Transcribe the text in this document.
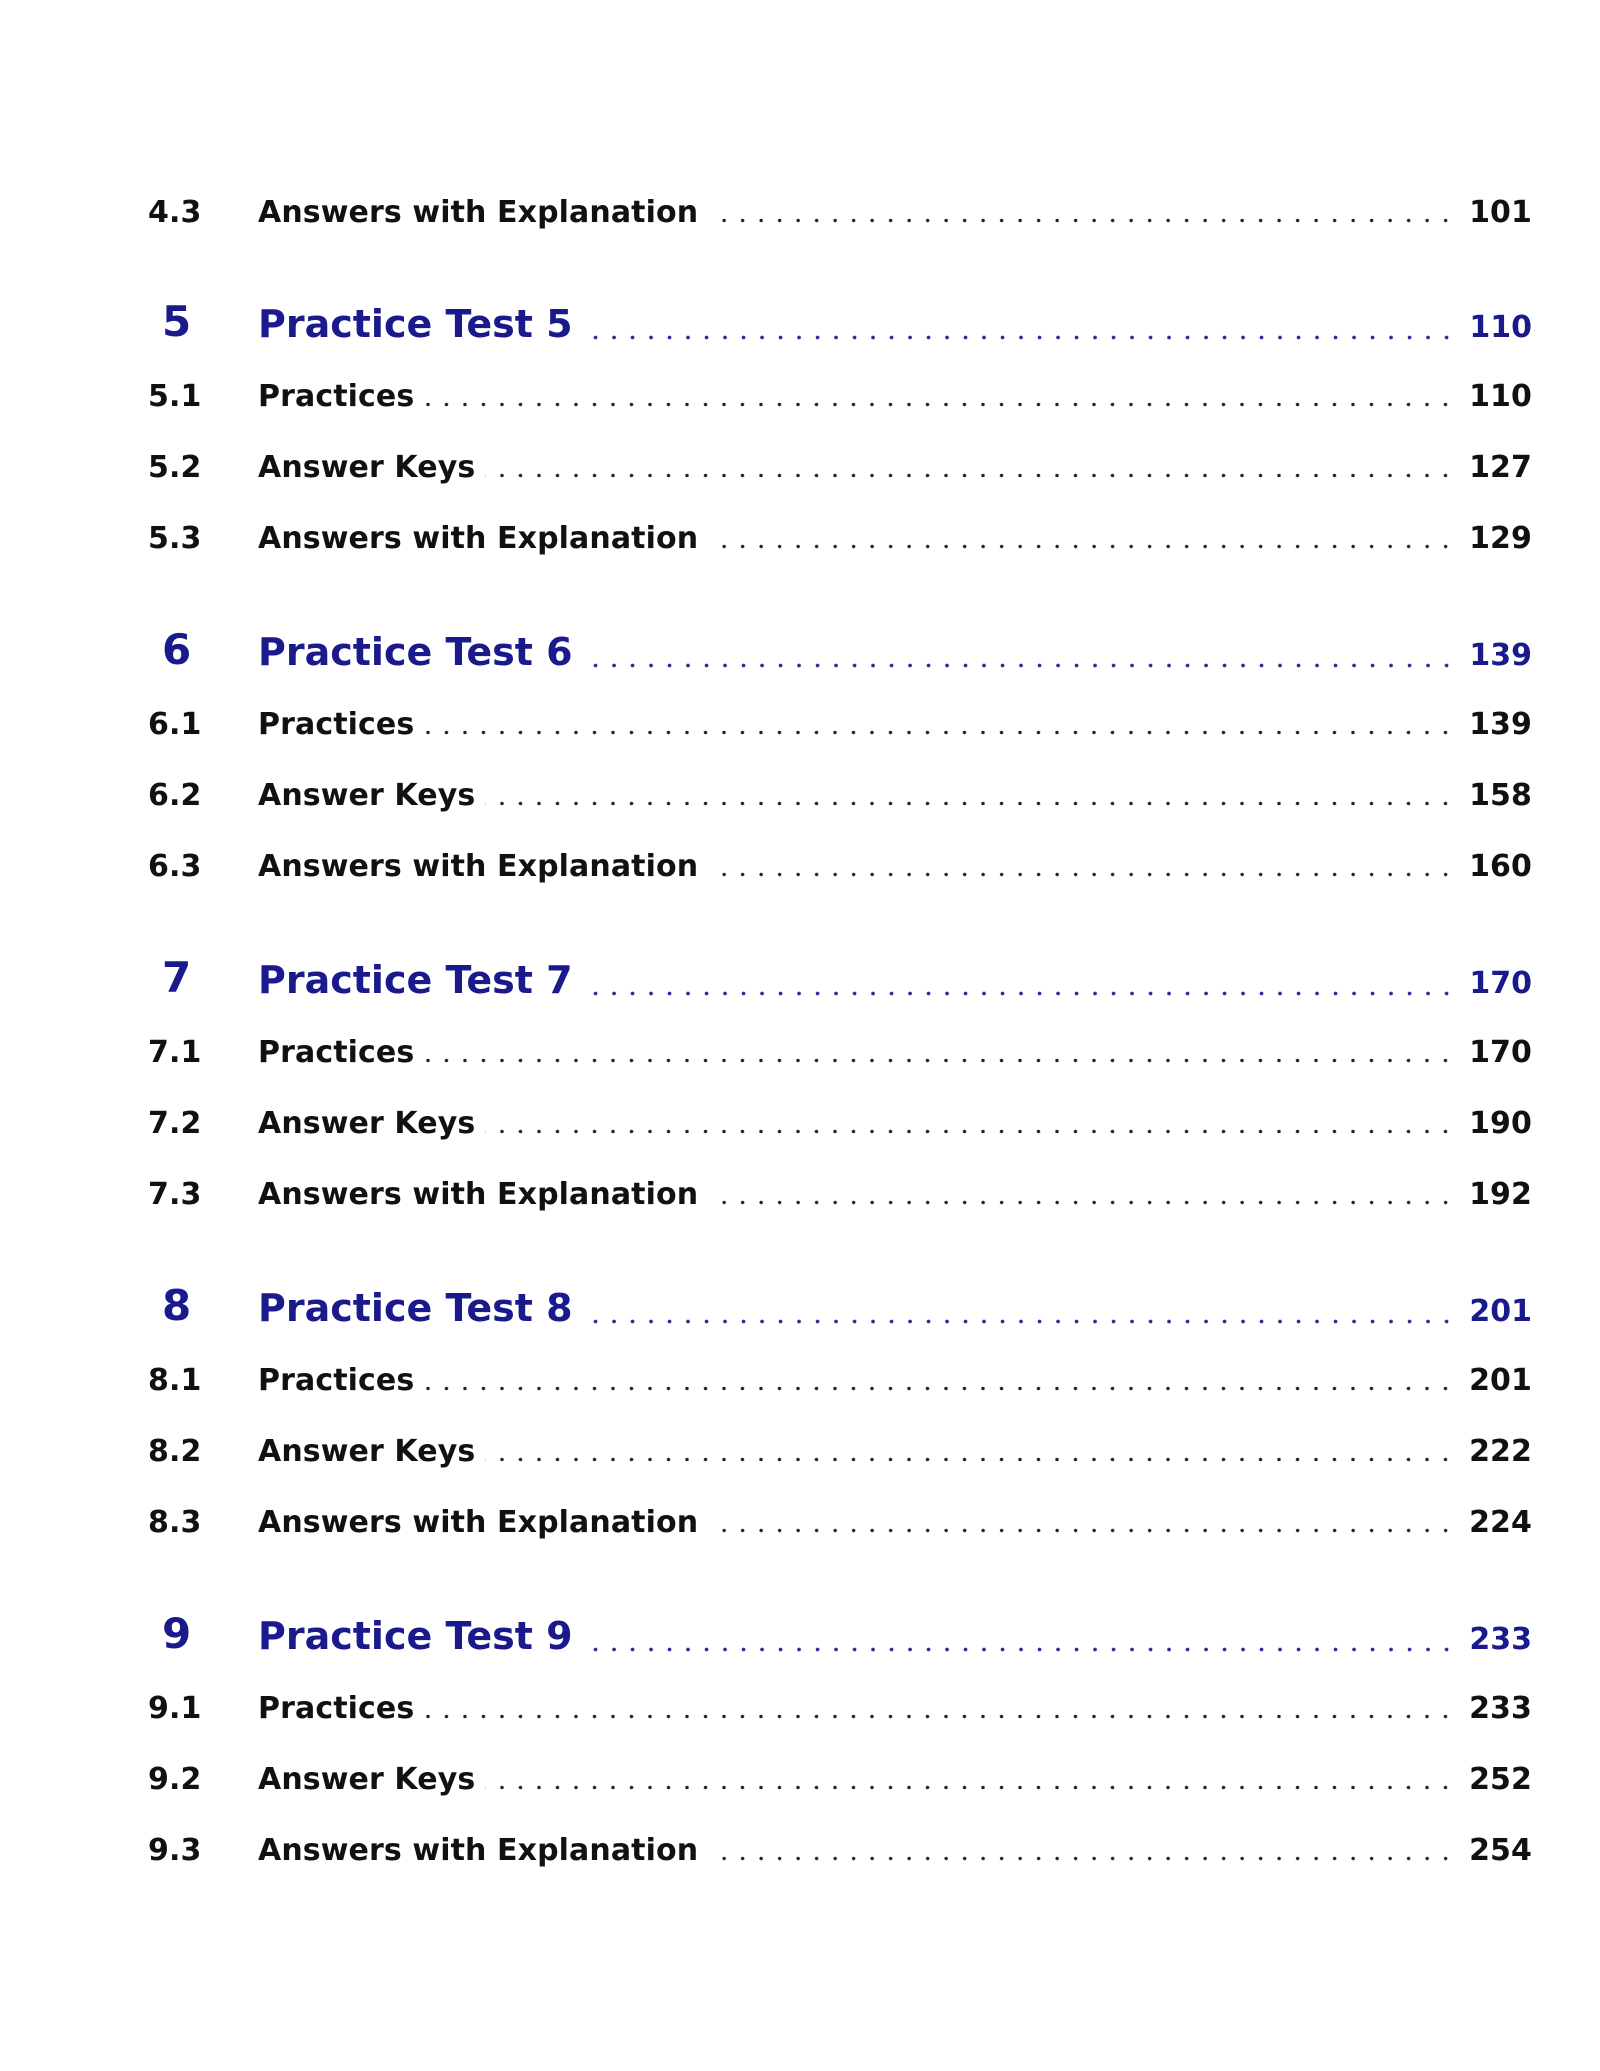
4.3	Answers with Explanation	101
5	Practice Test 5	110
5.1	Practices	110
5.2	Answer Keys	127
5.3	Answers with Explanation	129
6	Practice Test 6	139
6.1	Practices	139
6.2	Answer Keys	158
6.3	Answers with Explanation	160
7	Practice Test 7	170
7.1	Practices	170
7.2	Answer Keys	190
7.3	Answers with Explanation	192
8	Practice Test 8	201
8.1	Practices	201
8.2	Answer Keys	222
8.3	Answers with Explanation	224
9	Practice Test 9	233
9.1	Practices	233
9.2	Answer Keys	252
9.3	Answers with Explanation	254
